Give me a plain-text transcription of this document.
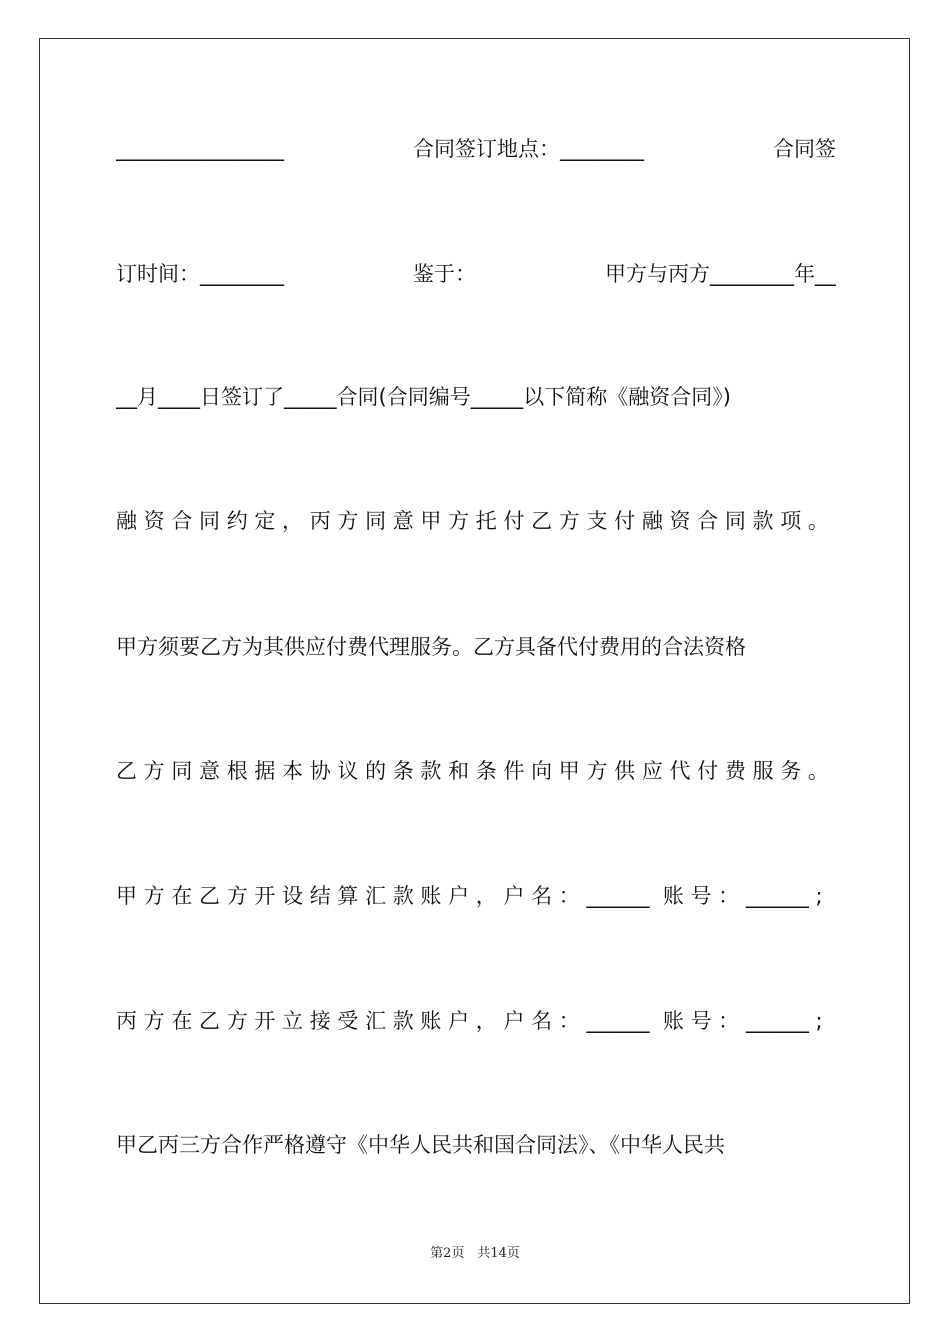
________________	合同签订地点：________	合同签
订时间：________	鉴于：	甲方与丙方________年__
__月____日签订了_____合同(合同编号_____以下简称《融资合同》)
融 资 合 同 约 定 ， 丙 方 同 意 甲 方 托 付 乙 方 支 付 融 资 合 同 款 项 。
甲方须要乙方为其供应付费代理服务。乙方具备代付费用的合法资格
乙 方 同 意 根 据 本 协 议 的 条 款 和 条 件 向 甲 方 供 应 代 付 费 服 务 。
甲 方 在 乙 方 开 设 结 算 汇 款 账 户 ， 户 名 ： ______  账 号 ： ______ ;
丙 方 在 乙 方 开 立 接 受 汇 款 账 户 ， 户 名 ： ______  账 号 ： ______ ;
甲乙丙三方合作严格遵守《中华人民共和国合同法》、《中华人民共
第2页　共14页
